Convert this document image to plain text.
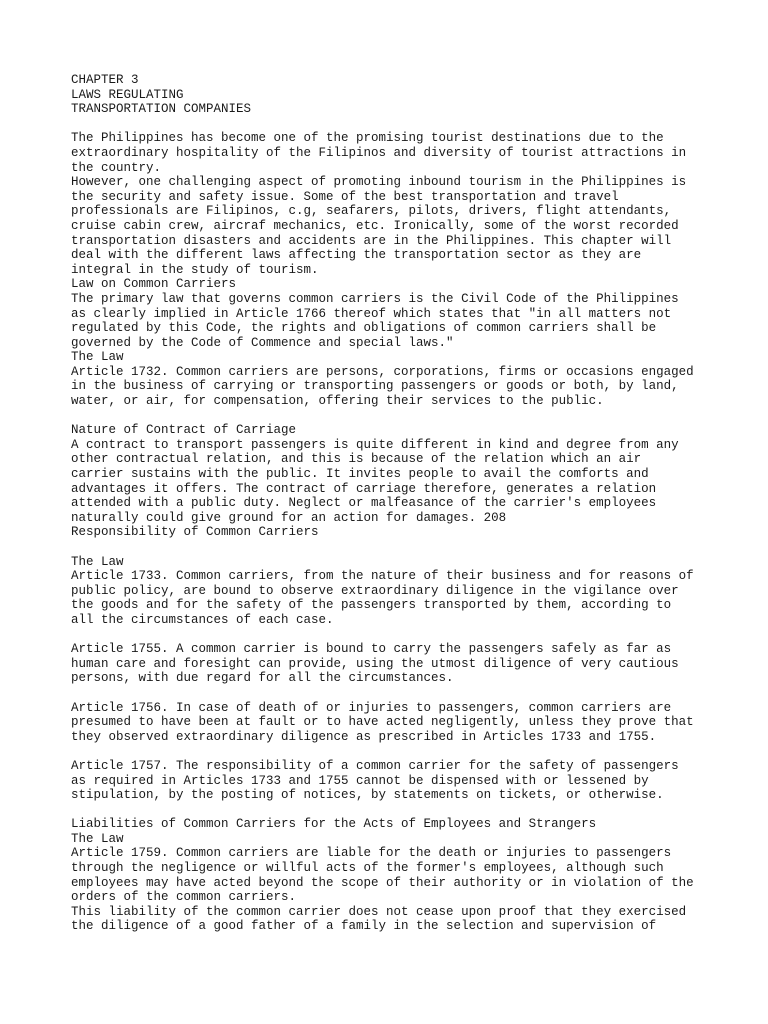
CHAPTER 3
LAWS REGULATING
TRANSPORTATION COMPANIES
The Philippines has become one of the promising tourist destinations due to the
extraordinary hospitality of the Filipinos and diversity of tourist attractions in
the country.
However, one challenging aspect of promoting inbound tourism in the Philippines is
the security and safety issue. Some of the best transportation and travel
professionals are Filipinos, c.g, seafarers, pilots, drivers, flight attendants,
cruise cabin crew, aircraf mechanics, etc. Ironically, some of the worst recorded
transportation disasters and accidents are in the Philippines. This chapter will
deal with the different laws affecting the transportation sector as they are
integral in the study of tourism.
Law on Common Carriers
The primary law that governs common carriers is the Civil Code of the Philippines
as clearly implied in Article 1766 thereof which states that "in all matters not
regulated by this Code, the rights and obligations of common carriers shall be
governed by the Code of Commence and special laws."
The Law
Article 1732. Common carriers are persons, corporations, firms or occasions engaged
in the business of carrying or transporting passengers or goods or both, by land,
water, or air, for compensation, offering their services to the public.
Nature of Contract of Carriage
A contract to transport passengers is quite different in kind and degree from any
other contractual relation, and this is because of the relation which an air
carrier sustains with the public. It invites people to avail the comforts and
advantages it offers. The contract of carriage therefore, generates a relation
attended with a public duty. Neglect or malfeasance of the carrier's employees
naturally could give ground for an action for damages. 208
Responsibility of Common Carriers
The Law
Article 1733. Common carriers, from the nature of their business and for reasons of
public policy, are bound to observe extraordinary diligence in the vigilance over
the goods and for the safety of the passengers transported by them, according to
all the circumstances of each case.
Article 1755. A common carrier is bound to carry the passengers safely as far as
human care and foresight can provide, using the utmost diligence of very cautious
persons, with due regard for all the circumstances.
Article 1756. In case of death of or injuries to passengers, common carriers are
presumed to have been at fault or to have acted negligently, unless they prove that
they observed extraordinary diligence as prescribed in Articles 1733 and 1755.
Article 1757. The responsibility of a common carrier for the safety of passengers
as required in Articles 1733 and 1755 cannot be dispensed with or lessened by
stipulation, by the posting of notices, by statements on tickets, or otherwise.
Liabilities of Common Carriers for the Acts of Employees and Strangers
The Law
Article 1759. Common carriers are liable for the death or injuries to passengers
through the negligence or willful acts of the former's employees, although such
employees may have acted beyond the scope of their authority or in violation of the
orders of the common carriers.
This liability of the common carrier does not cease upon proof that they exercised
the diligence of a good father of a family in the selection and supervision of
